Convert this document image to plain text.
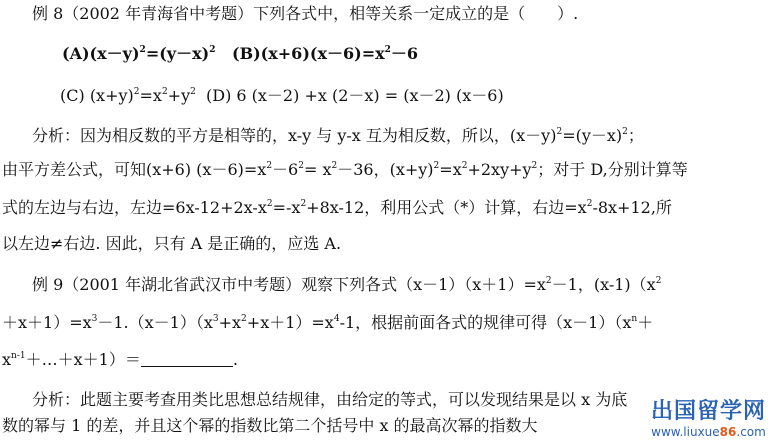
例 8（2002 年青海省中考题）下列各式中，相等关系一定成立的是（　　）.
$(A)(x-y)^2=(y-x)^2$ $(B)(x+6)(x-6)=x^2-6$
(C) $(x+y)^2=x^2+y^2$ (D) 6 (x－2) +x (2－x) = (x－2) (x－6)
分析：因为相反数的平方是相等的，x-y 与 y-x 互为相反数，所以，$(x-y)^2=(y-x)^2$；
由平方差公式，可知(x+6) $(x-6)=x^2-6^2= x^2-36$，$(x+y)^2=x^2+2xy+y^2$；对于 D,分别计算等
式的左边与右边，左边$=6x-12+2x-x^2=-x^2+8x-12$，利用公式（*）计算，右边$=x^2-8x+12$,所
以左边≠右边. 因此，只有 A 是正确的，应选 A.
例 9（2001 年湖北省武汉市中考题）观察下列各式$(x-1)(x+1)=x^2-1$，$(x-1)(x^2$
$+x+1)=x^3-1.(x-1)(x^3+x^2+x+1)=x^4-1$，根据前面各式的规律可得$(x-1)(x^n+$
$x^{n-1}+\dots+x+1)=$	.
分析：此题主要考查用类比思想总结规律，由给定的等式，可以发现结果是以 x 为底
数的幂与 1 的差，并且这个幂的指数比第二个括号中 x 的最高次幂的指数大
出国留学网
www.liuxue86.com
